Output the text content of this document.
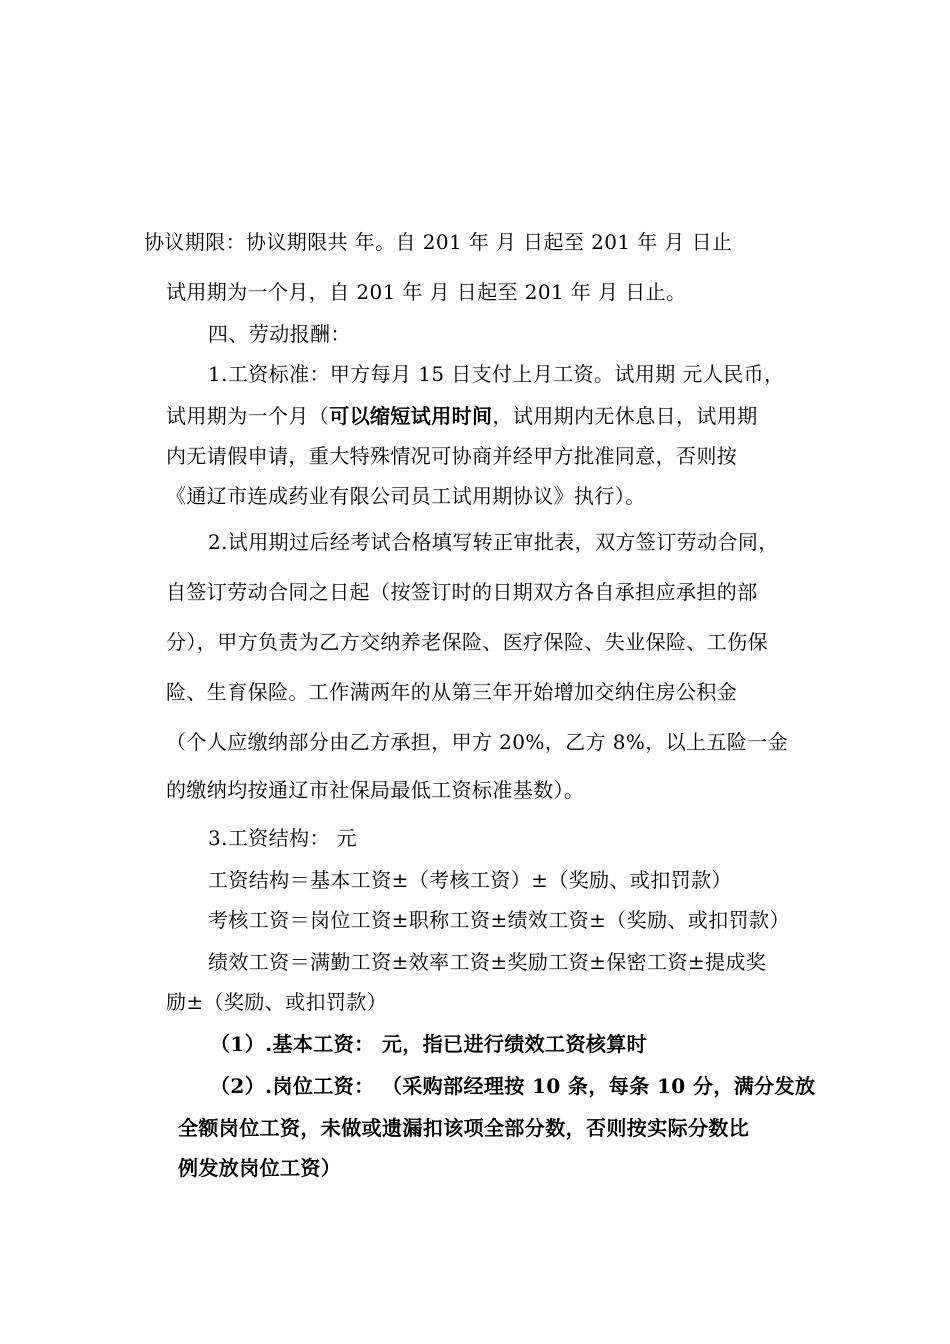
协议期限：协议期限共 年。自 201 年 月 日起至 201 年 月 日止
试用期为一个月，自 201 年 月 日起至 201 年 月 日止。
四、劳动报酬：
1.工资标准：甲方每月 15 日支付上月工资。试用期 元人民币，
试用期为一个月（可以缩短试用时间，试用期内无休息日，试用期
内无请假申请，重大特殊情况可协商并经甲方批准同意，否则按
《通辽市连成药业有限公司员工试用期协议》执行）。
2.试用期过后经考试合格填写转正审批表，双方签订劳动合同，
自签订劳动合同之日起（按签订时的日期双方各自承担应承担的部
分），甲方负责为乙方交纳养老保险、医疗保险、失业保险、工伤保
险、生育保险。工作满两年的从第三年开始增加交纳住房公积金
（个人应缴纳部分由乙方承担，甲方 20%，乙方 8%，以上五险一金
的缴纳均按通辽市社保局最低工资标准基数）。
3.工资结构： 元
工资结构＝基本工资±（考核工资）±（奖励、或扣罚款）
考核工资＝岗位工资±职称工资±绩效工资±（奖励、或扣罚款）
绩效工资＝满勤工资±效率工资±奖励工资±保密工资±提成奖
励±（奖励、或扣罚款）
（1）.基本工资： 元，指已进行绩效工资核算时
（2）.岗位工资： （采购部经理按 10 条，每条 10 分，满分发放
全额岗位工资，未做或遗漏扣该项全部分数，否则按实际分数比
例发放岗位工资）
